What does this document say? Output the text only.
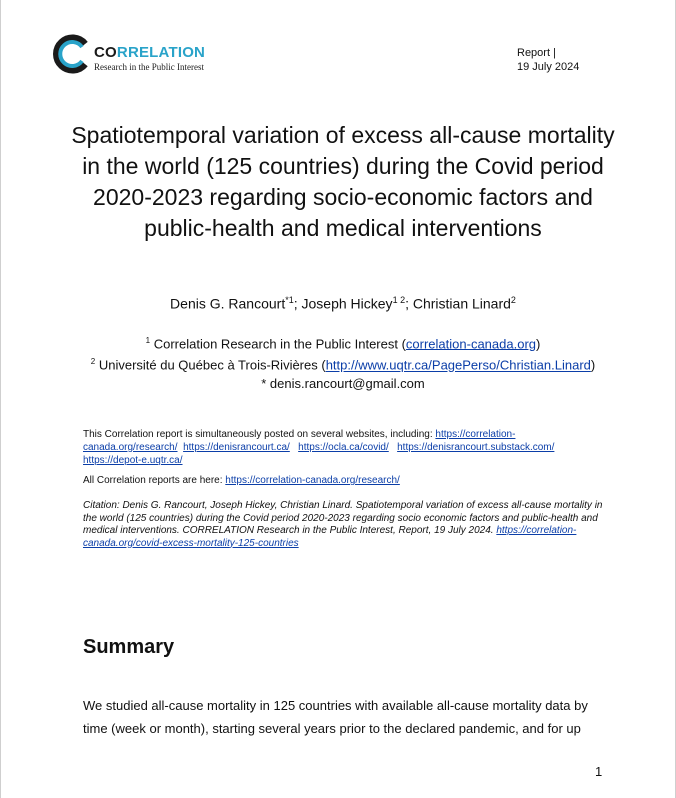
CORRELATION
Research in the Public Interest
Report |
19 July 2024
Spatiotemporal variation of excess all-cause mortality in the world (125 countries) during the Covid period 2020-2023 regarding socio-economic factors and public-health and medical interventions
Denis G. Rancourt$^{*1}$; Joseph Hickey$^{1 2}$; Christian Linard$^2$
$^1$ Correlation Research in the Public Interest (correlation-canada.org)
$^2$ Université du Québec à Trois-Rivières (http://www.uqtr.ca/PagePerso/Christian.Linard)
* denis.rancourt@gmail.com
This Correlation report is simultaneously posted on several websites, including: https://correlation-canada.org/research/ https://denisrancourt.ca/ https://ocla.ca/covid/ https://denisrancourt.substack.com/  https://depot-e.uqtr.ca/
All Correlation reports are here: https://correlation-canada.org/research/
Citation: Denis G. Rancourt, Joseph Hickey, Christian Linard. Spatiotemporal variation of excess all-cause mortality in the world (125 countries) during the Covid period 2020-2023 regarding socio economic factors and public-health and medical interventions. CORRELATION Research in the Public Interest, Report, 19 July 2024. https://correlation-canada.org/covid-excess-mortality-125-countries
Summary
We studied all-cause mortality in 125 countries with available all-cause mortality data by time (week or month), starting several years prior to the declared pandemic, and for up
1
